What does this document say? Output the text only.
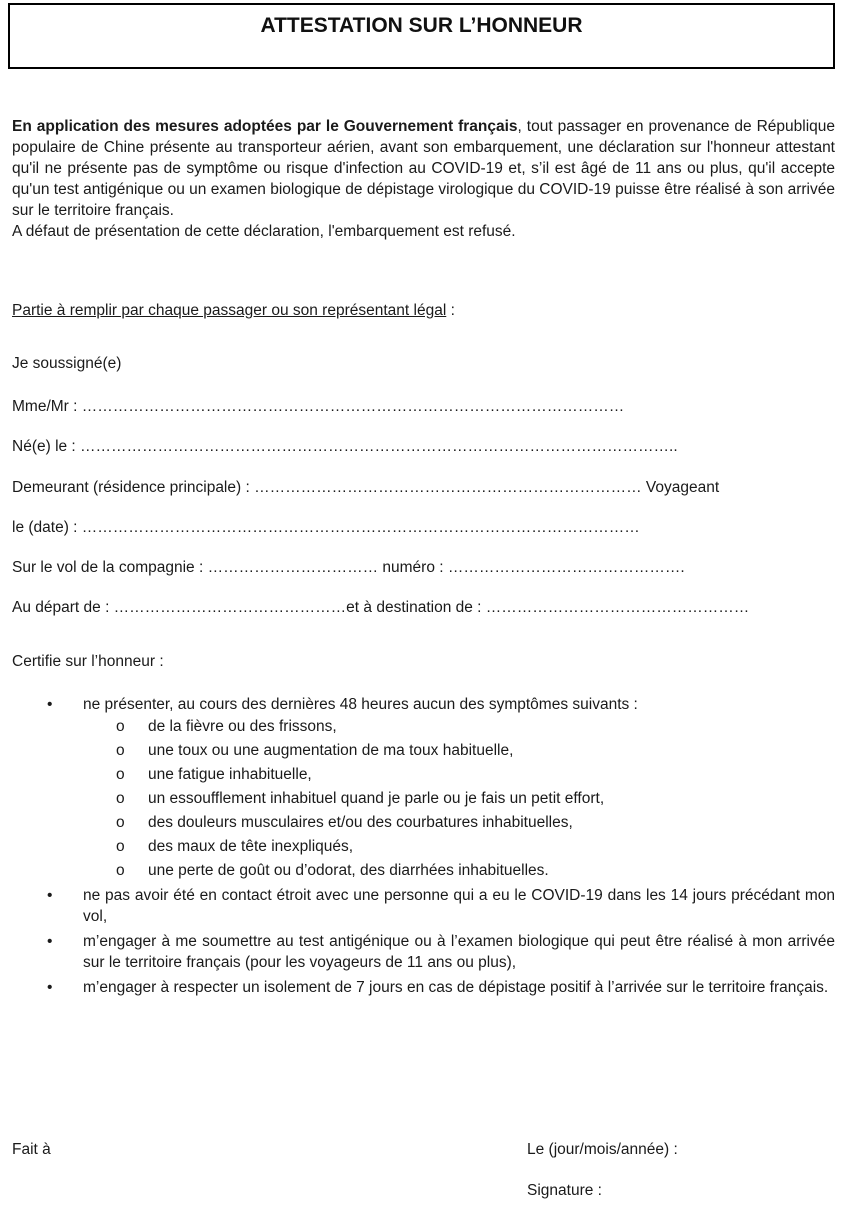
ATTESTATION SUR L’HONNEUR

En application des mesures adoptées par le Gouvernement français, tout passager en provenance de République populaire de Chine présente au transporteur aérien, avant son embarquement, une déclaration sur l'honneur attestant qu'il ne présente pas de symptôme ou risque d'infection au COVID-19 et, s’il est âgé de 11 ans ou plus, qu'il accepte qu'un test antigénique ou un examen biologique de dépistage virologique du COVID-19 puisse être réalisé à son arrivée sur le territoire français.
A défaut de présentation de cette déclaration, l'embarquement est refusé.

Partie à remplir par chaque passager ou son représentant légal :

Je soussigné(e)

Mme/Mr : ……………………………………………………………………………………………

Né(e) le : ……………………………………………………………………………………………………..

Demeurant (résidence principale) : ………………………………………………………………… Voyageant

le (date) : ………………………………………………………………………………………………

Sur le vol de la compagnie : …………………………… numéro : ……………………………………….

Au départ de : ………………………………………et à destination de : ……………………………………………

Certifie sur l’honneur :

• ne présenter, au cours des dernières 48 heures aucun des symptômes suivants :
o de la fièvre ou des frissons,
o une toux ou une augmentation de ma toux habituelle,
o une fatigue inhabituelle,
o un essoufflement inhabituel quand je parle ou je fais un petit effort,
o des douleurs musculaires et/ou des courbatures inhabituelles,
o des maux de tête inexpliqués,
o une perte de goût ou d’odorat, des diarrhées inhabituelles.
• ne pas avoir été en contact étroit avec une personne qui a eu le COVID-19 dans les 14 jours précédant mon vol,
• m’engager à me soumettre au test antigénique ou à l’examen biologique qui peut être réalisé à mon arrivée sur le territoire français (pour les voyageurs de 11 ans ou plus),
• m’engager à respecter un isolement de 7 jours en cas de dépistage positif à l’arrivée sur le territoire français.

Fait à	Le (jour/mois/année) :

Signature :
